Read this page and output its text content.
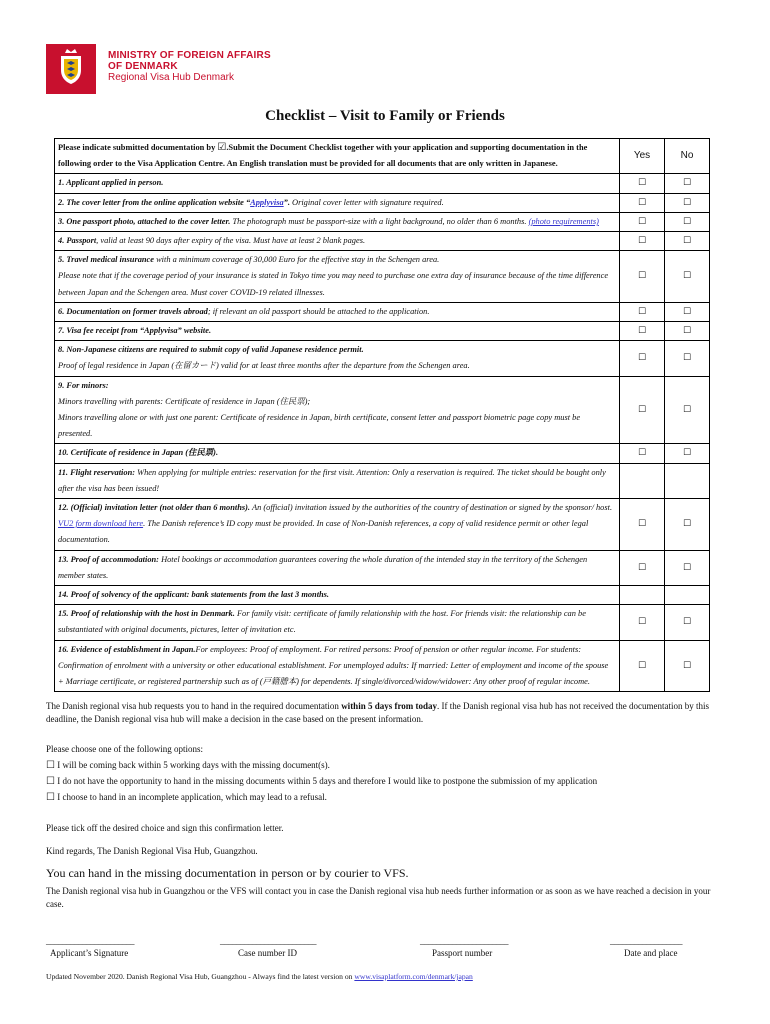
MINISTRY OF FOREIGN AFFAIRS
OF DENMARK
Regional Visa Hub Denmark
Checklist – Visit to Family or Friends
Please indicate submitted documentation by ☑.Submit the Document Checklist together with your application and supporting documentation in the following order to the Visa Application Centre. An English translation must be provided for all documents that are only written in Japanese.	Yes	No
1. Applicant applied in person.	☐	☐
2. The cover letter from the online application website “Applyvisa”. Original cover letter with signature required.	☐	☐
3. One passport photo, attached to the cover letter. The photograph must be passport-size with a light background, no older than 6 months. (photo requirements)	☐	☐
4. Passport, valid at least 90 days after expiry of the visa. Must have at least 2 blank pages.	☐	☐
5. Travel medical insurance with a minimum coverage of 30,000 Euro for the effective stay in the Schengen area.
Please note that if the coverage period of your insurance is stated in Tokyo time you may need to purchase one extra day of insurance because of the time difference between Japan and the Schengen area. Must cover COVID-19 related illnesses.	☐	☐
6. Documentation on former travels abroad; if relevant an old passport should be attached to the application.	☐	☐
7. Visa fee receipt from “Applyvisa” website.	☐	☐
8. Non-Japanese citizens are required to submit copy of valid Japanese residence permit.
Proof of legal residence in Japan (在留カード) valid for at least three months after the departure from the Schengen area.	☐	☐
9. For minors:
Minors travelling with parents: Certificate of residence in Japan (住民票);
Minors travelling alone or with just one parent: Certificate of residence in Japan, birth certificate, consent letter and passport biometric page copy must be presented.	☐	☐
10. Certificate of residence in Japan (住民票).	☐	☐
11. Flight reservation: When applying for multiple entries: reservation for the first visit. Attention: Only a reservation is required. The ticket should be bought only after the visa has been issued!		
12. (Official) invitation letter (not older than 6 months). An (official) invitation issued by the authorities of the country of destination or signed by the sponsor/ host. VU2 form download here. The Danish reference’s ID copy must be provided. In case of Non-Danish references, a copy of valid residence permit or other legal documentation.	☐	☐
13. Proof of accommodation: Hotel bookings or accommodation guarantees covering the whole duration of the intended stay in the territory of the Schengen member states.	☐	☐
14. Proof of solvency of the applicant: bank statements from the last 3 months.		
15. Proof of relationship with the host in Denmark. For family visit: certificate of family relationship with the host. For friends visit: the relationship can be substantiated with original documents, pictures, letter of invitation etc.	☐	☐
16. Evidence of establishment in Japan.For employees: Proof of employment. For retired persons: Proof of pension or other regular income. For students: Confirmation of enrolment with a university or other educational establishment. For unemployed adults: If married: Letter of employment and income of the spouse + Marriage certificate, or registered partnership such as of (戸籍謄本) for dependents. If single/divorced/widow/widower: Any other proof of regular income.	☐	☐
The Danish regional visa hub requests you to hand in the required documentation within 5 days from today. If the Danish regional visa hub has not received the documentation by this deadline, the Danish regional visa hub will make a decision in the case based on the present information.
Please choose one of the following options:
☐ I will be coming back within 5 working days with the missing document(s).
☐ I do not have the opportunity to hand in the missing documents within 5 days and therefore I would like to postpone the submission of my application
☐ I choose to hand in an incomplete application, which may lead to a refusal.
Please tick off the desired choice and sign this confirmation letter.
Kind regards, The Danish Regional Visa Hub, Guangzhou.
You can hand in the missing documentation in person or by courier to VFS.
The Danish regional visa hub in Guangzhou or the VFS will contact you in case the Danish regional visa hub needs further information or as soon as we have reached a decision in your case.
______________________	________________________	______________________	__________________
Applicant’s Signature	Case number ID	Passport number	Date and place
Updated November 2020. Danish Regional Visa Hub, Guangzhou - Always find the latest version on www.visaplatform.com/denmark/japan
